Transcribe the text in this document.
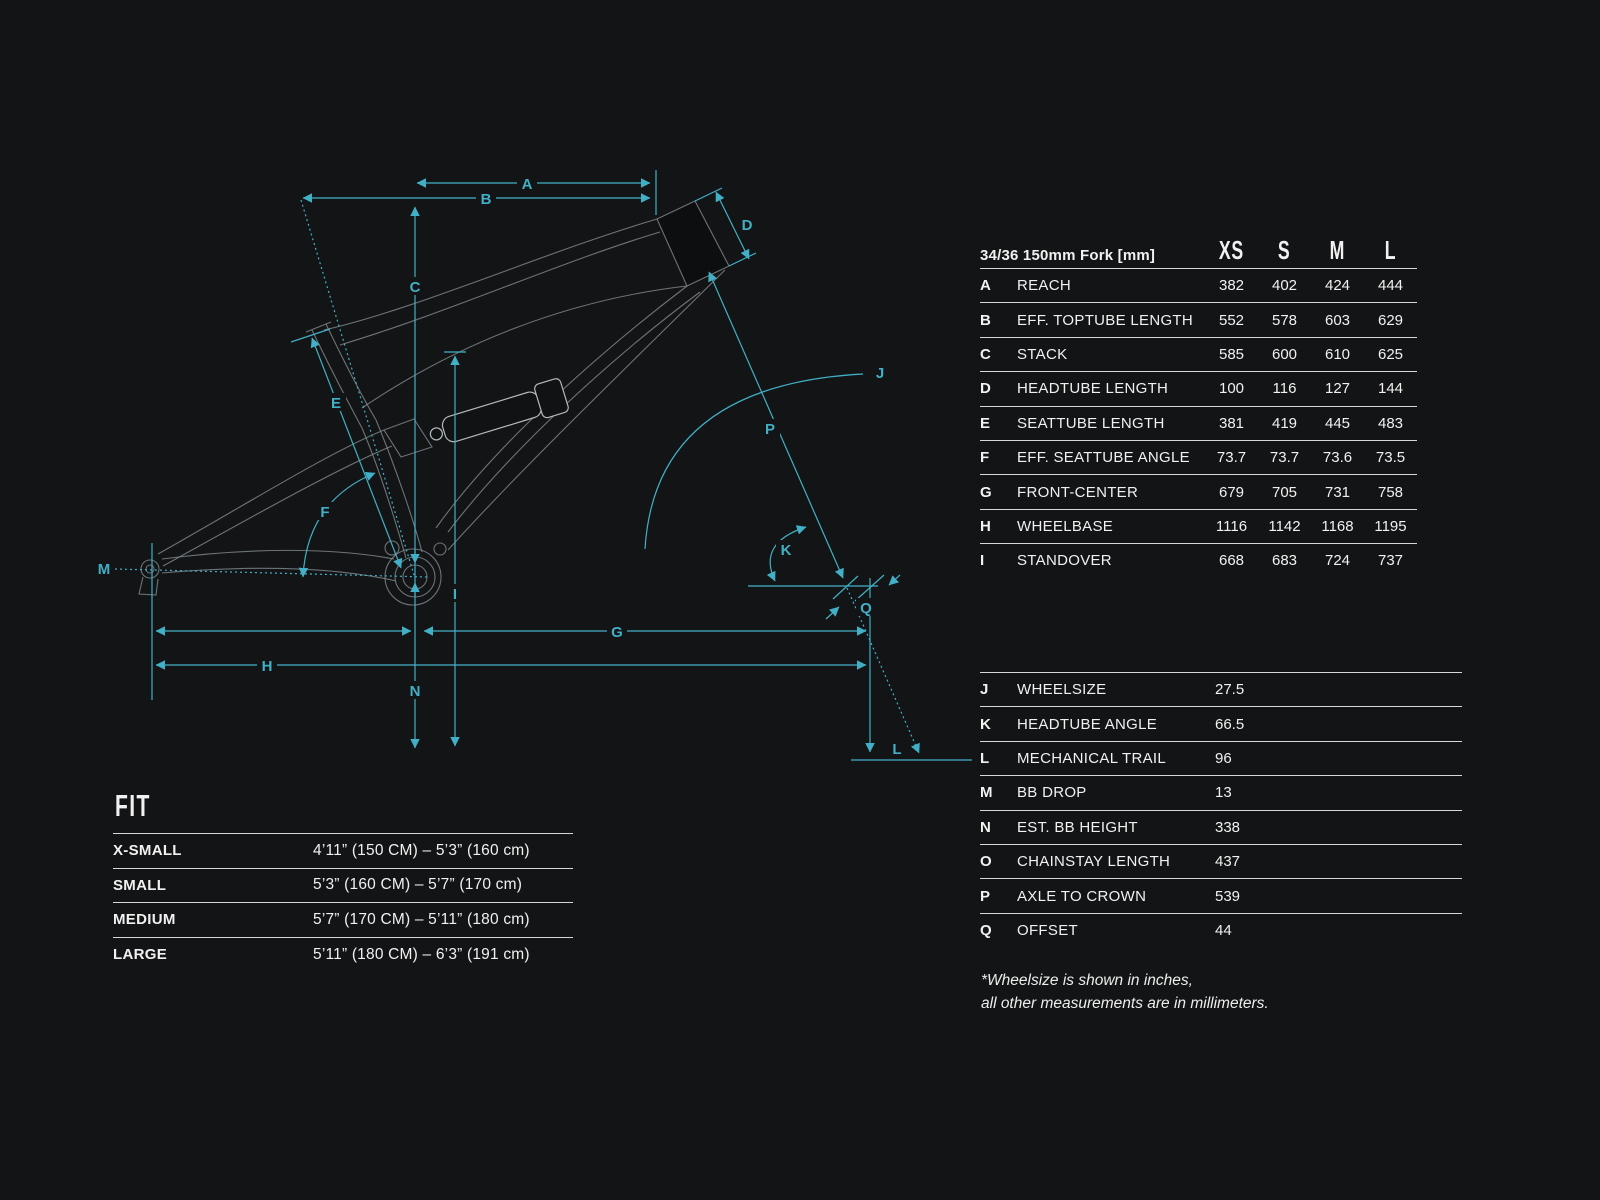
A
B
C
D
E
F
G
H
I
J
K
L
M
N
P
Q
34/36 150mm Fork [mm]	XS	S	M	L
A	REACH	382	402	424	444
B	EFF. TOPTUBE LENGTH	552	578	603	629
C	STACK	585	600	610	625
D	HEADTUBE LENGTH	100	116	127	144
E	SEATTUBE LENGTH	381	419	445	483
F	EFF. SEATTUBE ANGLE	73.7	73.7	73.6	73.5
G	FRONT-CENTER	679	705	731	758
H	WHEELBASE	1116	1142	1168	1195
I	STANDOVER	668	683	724	737
J	WHEELSIZE	27.5
K	HEADTUBE ANGLE	66.5
L	MECHANICAL TRAIL	96
M	BB DROP	13
N	EST. BB HEIGHT	338
O	CHAINSTAY LENGTH	437
P	AXLE TO CROWN	539
Q	OFFSET	44
FIT
X-SMALL	4’11” (150 CM) – 5’3” (160 cm)
SMALL	5’3” (160 CM) – 5’7” (170 cm)
MEDIUM	5’7” (170 CM) – 5’11” (180 cm)
LARGE	5’11” (180 CM) – 6’3” (191 cm)
*Wheelsize is shown in inches,
all other measurements are in millimeters.
